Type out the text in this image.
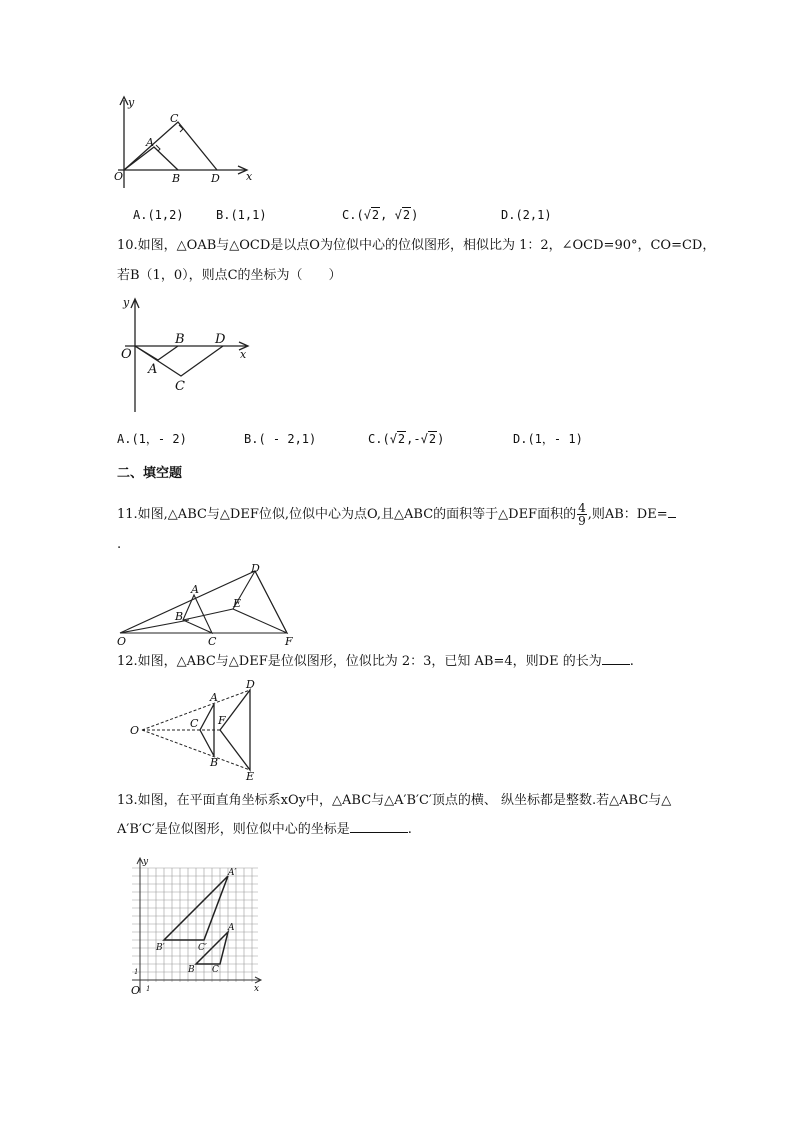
y
x
O
A
B
C
D
A.(1,2)	B.(1,1)	C.(√2, √2)	D.(2,1)
10.如图，△OAB与△OCD是以点O为位似中心的位似图形，相似比为 1：2，∠OCD=90°，CO=CD，
若B（1，0），则点C的坐标为（　　）
y
x
O
A
B
C
D
A.(1，- 2)	B.( - 2,1)	C.(√2,-√2)	D.(1，- 1)
二、填空题
11.如图,△ABC与△DEF位似,位似中心为点O,且△ABC的面积等于△DEF面积的 $\frac{4}{9}$ ,则AB：DE=
.
O
A
B
C
D
E
F
12.如图，△ABC与△DEF是位似图形，位似比为 2：3，已知 AB=4，则DE 的长为 .
O
A
B
C
D
E
F
13.如图，在平面直角坐标系xOy中，△ABC与△A′B′C′顶点的横、 纵坐标都是整数.若△ABC与△
A′B′C′是位似图形，则位似中心的坐标是	.
y
x
O 1
1
A′
B′	C′
A
B C
